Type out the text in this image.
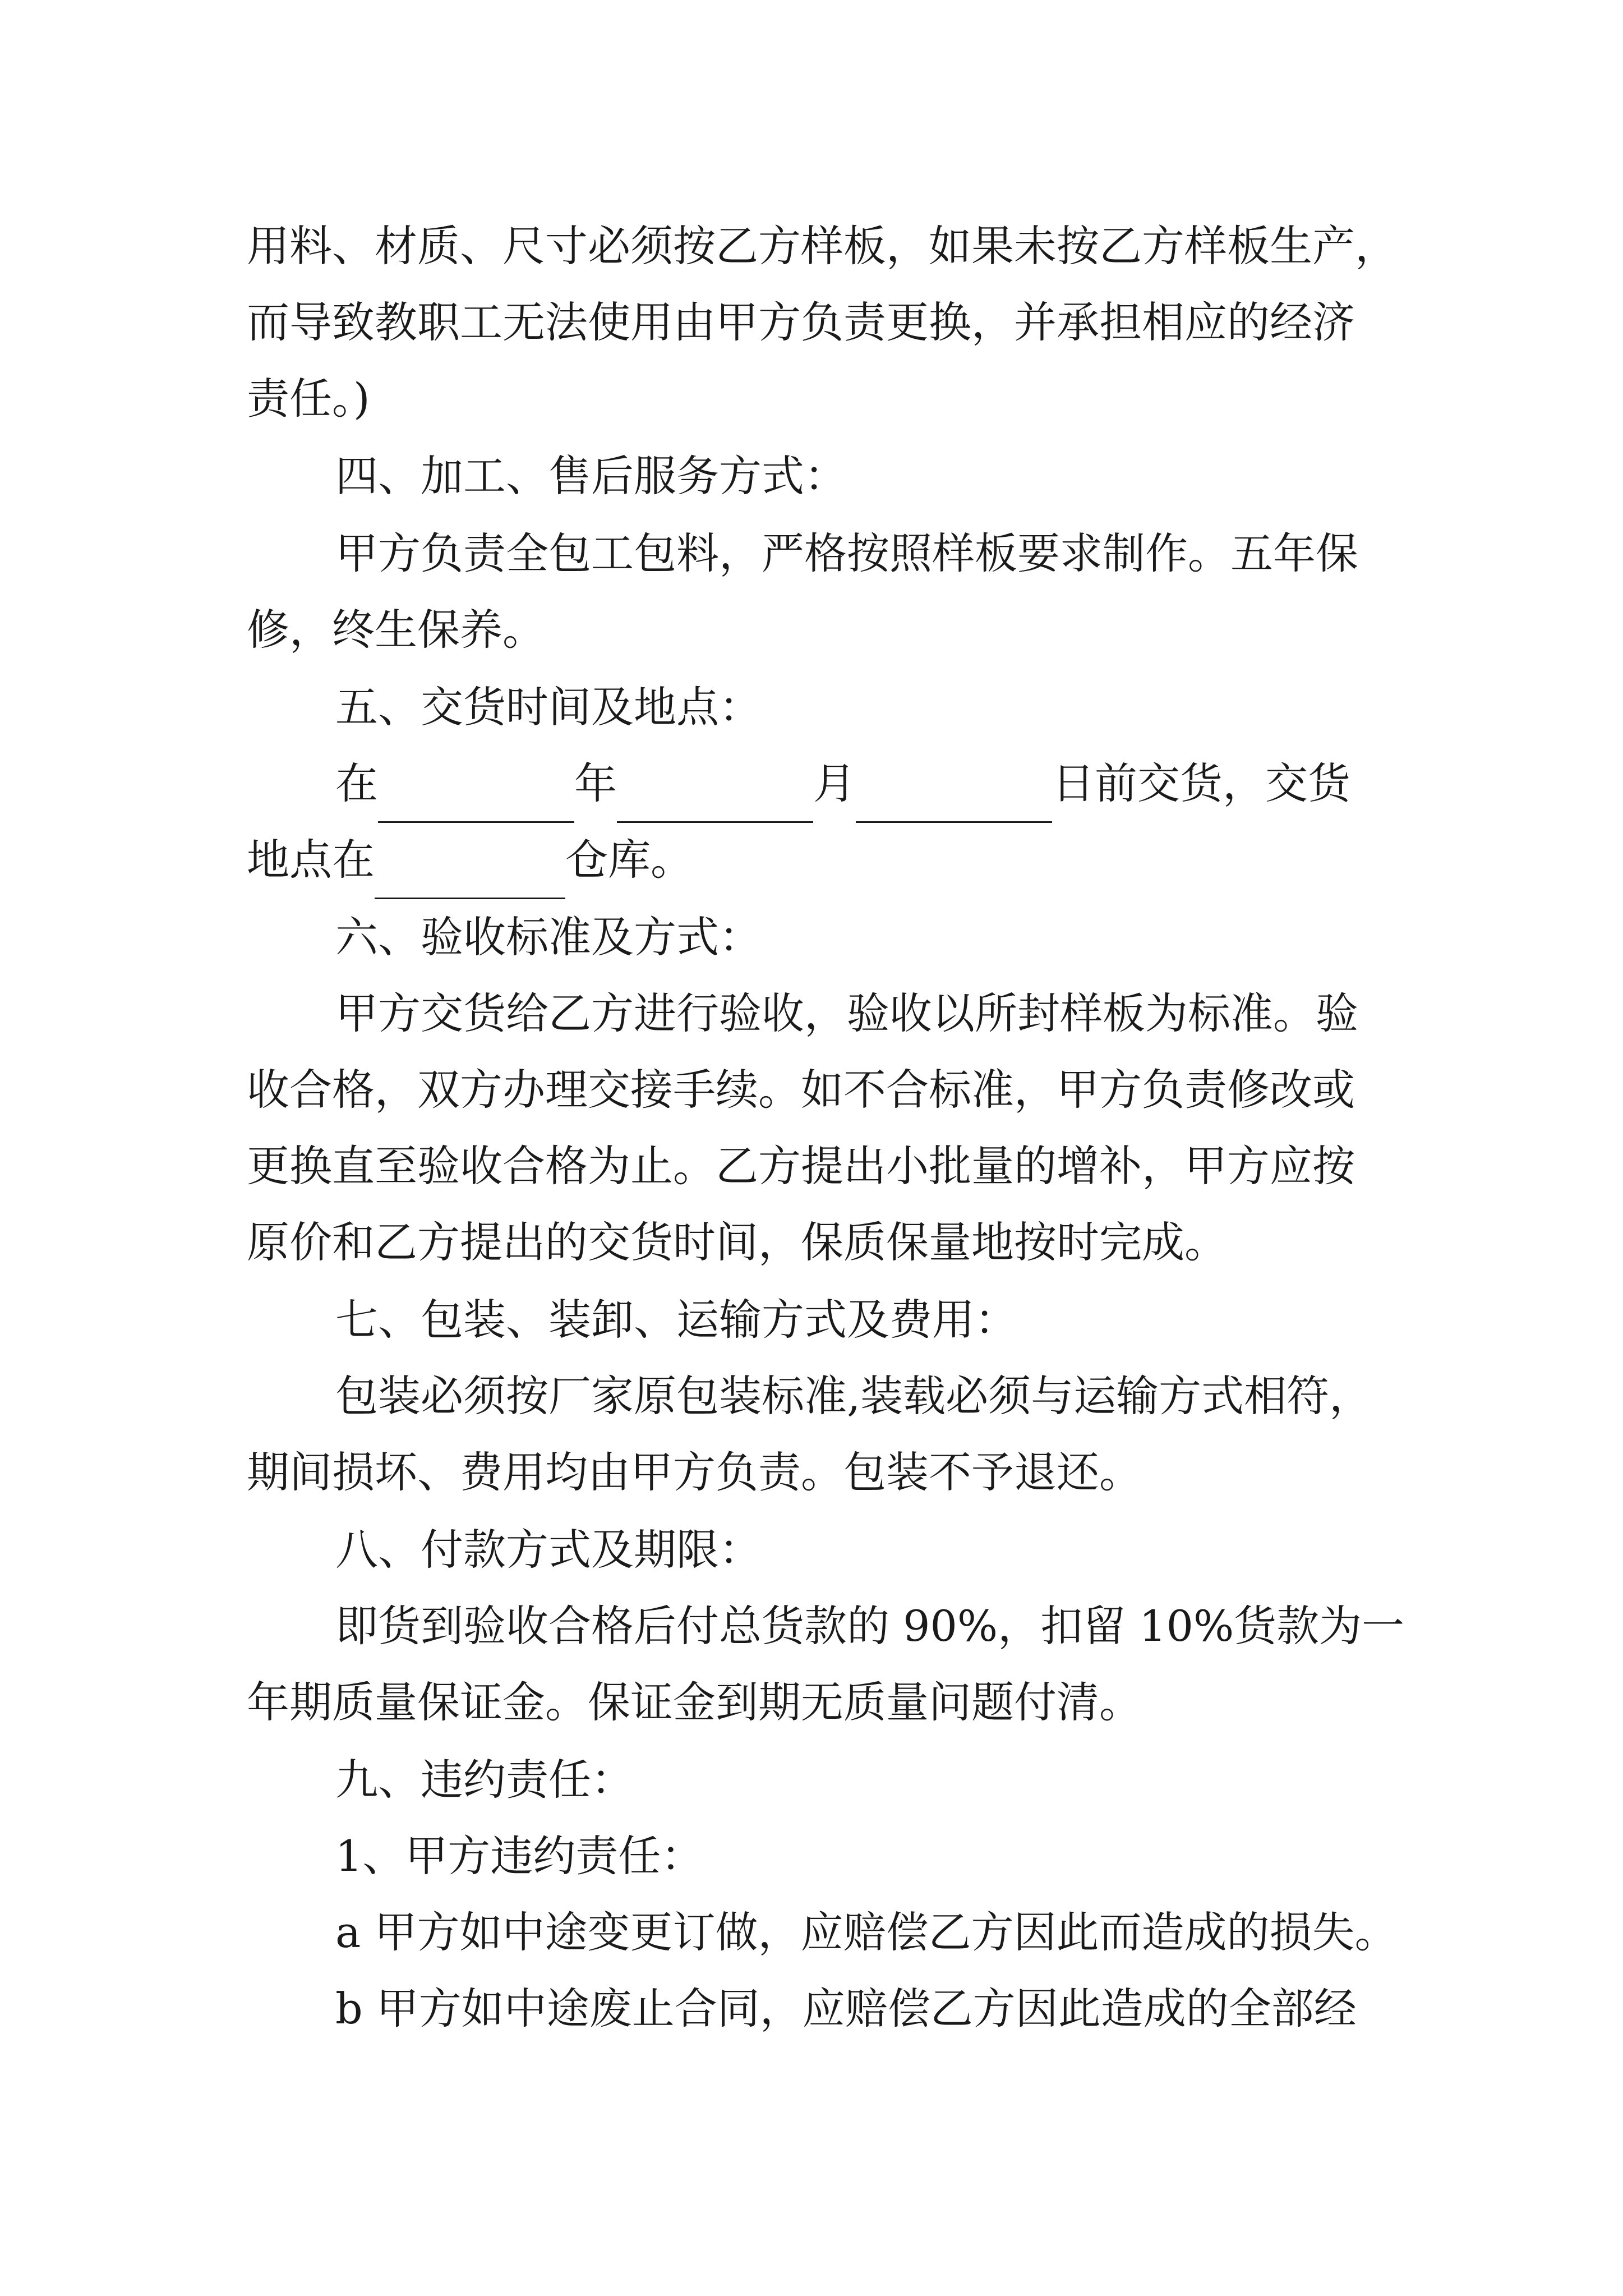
用料、材质、尺寸必须按乙方样板，如果未按乙方样板生产，
而导致教职工无法使用由甲方负责更换，并承担相应的经济
责任。)
四、加工、售后服务方式：
甲方负责全包工包料，严格按照样板要求制作。五年保
修，终生保养。
五、交货时间及地点：
在	年	月	日前交货，交货
地点在	仓库。
六、验收标准及方式：
甲方交货给乙方进行验收，验收以所封样板为标准。验
收合格，双方办理交接手续。如不合标准，甲方负责修改或
更换直至验收合格为止。乙方提出小批量的增补，甲方应按
原价和乙方提出的交货时间，保质保量地按时完成。
七、包装、装卸、运输方式及费用：
包装必须按厂家原包装标准,装载必须与运输方式相符，
期间损坏、费用均由甲方负责。包装不予退还。
八、付款方式及期限：
即货到验收合格后付总货款的 90%，扣留 10%货款为一
年期质量保证金。保证金到期无质量问题付清。
九、违约责任：
1、甲方违约责任：
a 甲方如中途变更订做，应赔偿乙方因此而造成的损失。
b 甲方如中途废止合同，应赔偿乙方因此造成的全部经
